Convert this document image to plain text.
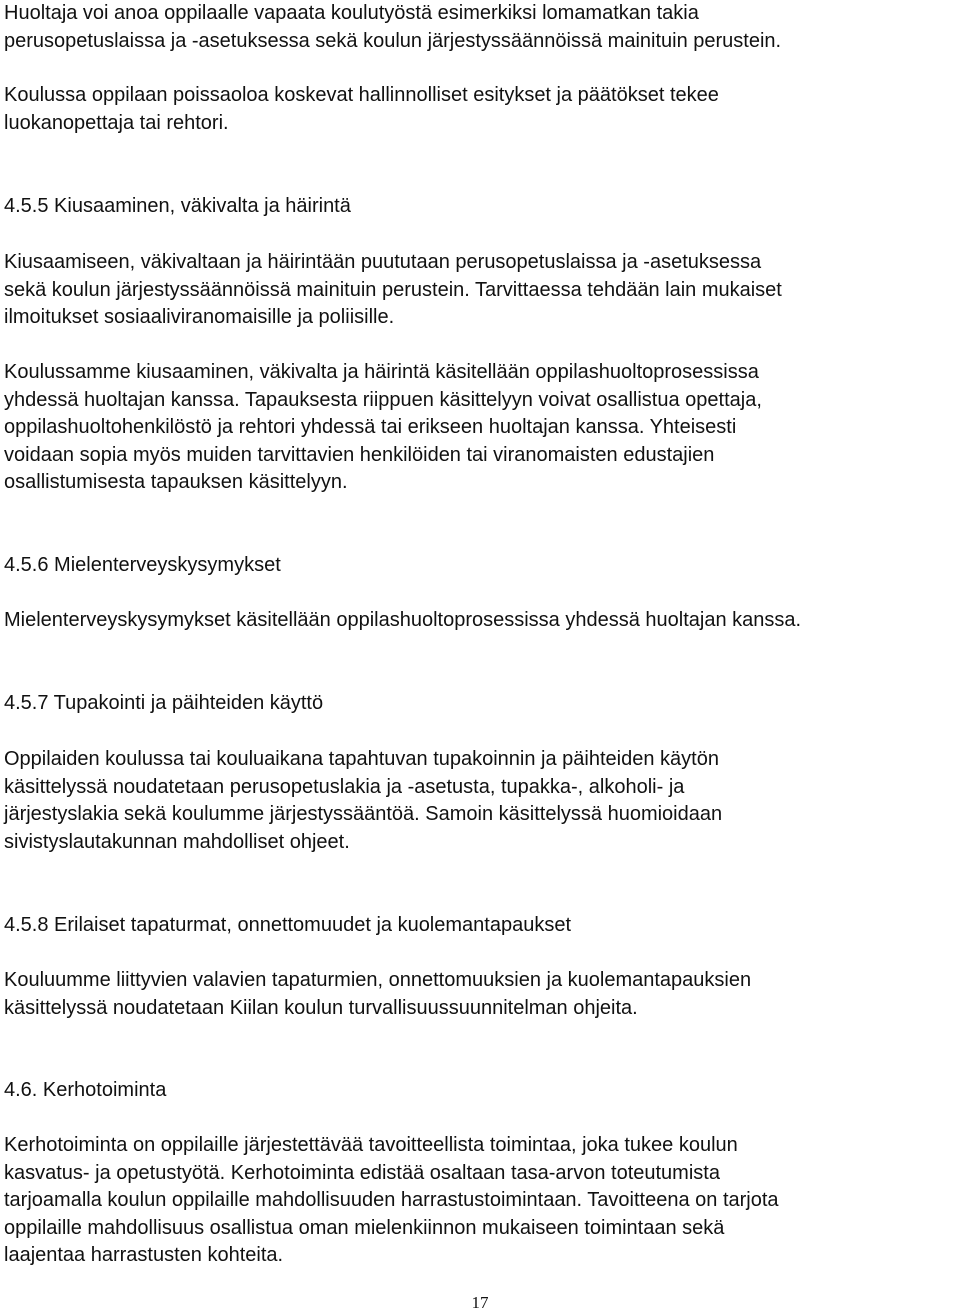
Huoltaja voi anoa oppilaalle vapaata koulutyöstä esimerkiksi lomamatkan takia
perusopetuslaissa ja -asetuksessa sekä koulun järjestyssäännöissä mainituin perustein.

Koulussa oppilaan poissaoloa koskevat hallinnolliset esitykset ja päätökset tekee
luokanopettaja tai rehtori.

4.5.5 Kiusaaminen, väkivalta ja häirintä

Kiusaamiseen, väkivaltaan ja häirintään puututaan perusopetuslaissa ja -asetuksessa
sekä koulun järjestyssäännöissä mainituin perustein. Tarvittaessa tehdään lain mukaiset
ilmoitukset sosiaaliviranomaisille ja poliisille.

Koulussamme kiusaaminen, väkivalta ja häirintä käsitellään oppilashuoltoprosessissa
yhdessä huoltajan kanssa. Tapauksesta riippuen käsittelyyn voivat osallistua opettaja,
oppilashuoltohenkilöstö ja rehtori yhdessä tai erikseen huoltajan kanssa. Yhteisesti
voidaan sopia myös muiden tarvittavien henkilöiden tai viranomaisten edustajien
osallistumisesta tapauksen käsittelyyn.

4.5.6 Mielenterveyskysymykset

Mielenterveyskysymykset käsitellään oppilashuoltoprosessissa yhdessä huoltajan kanssa.

4.5.7 Tupakointi ja päihteiden käyttö

Oppilaiden koulussa tai kouluaikana tapahtuvan tupakoinnin ja päihteiden käytön
käsittelyssä noudatetaan perusopetuslakia ja -asetusta, tupakka-, alkoholi- ja
järjestyslakia sekä koulumme järjestyssääntöä. Samoin käsittelyssä huomioidaan
sivistyslautakunnan mahdolliset ohjeet.

4.5.8 Erilaiset tapaturmat, onnettomuudet ja kuolemantapaukset

Kouluumme liittyvien valavien tapaturmien, onnettomuuksien ja kuolemantapauksien
käsittelyssä noudatetaan Kiilan koulun turvallisuussuunnitelman ohjeita.

4.6. Kerhotoiminta

Kerhotoiminta on oppilaille järjestettävää tavoitteellista toimintaa, joka tukee koulun
kasvatus- ja opetustyötä. Kerhotoiminta edistää osaltaan tasa-arvon toteutumista
tarjoamalla koulun oppilaille mahdollisuuden harrastustoimintaan. Tavoitteena on tarjota
oppilaille mahdollisuus osallistua oman mielenkiinnon mukaiseen toimintaan sekä
laajentaa harrastusten kohteita.

17
